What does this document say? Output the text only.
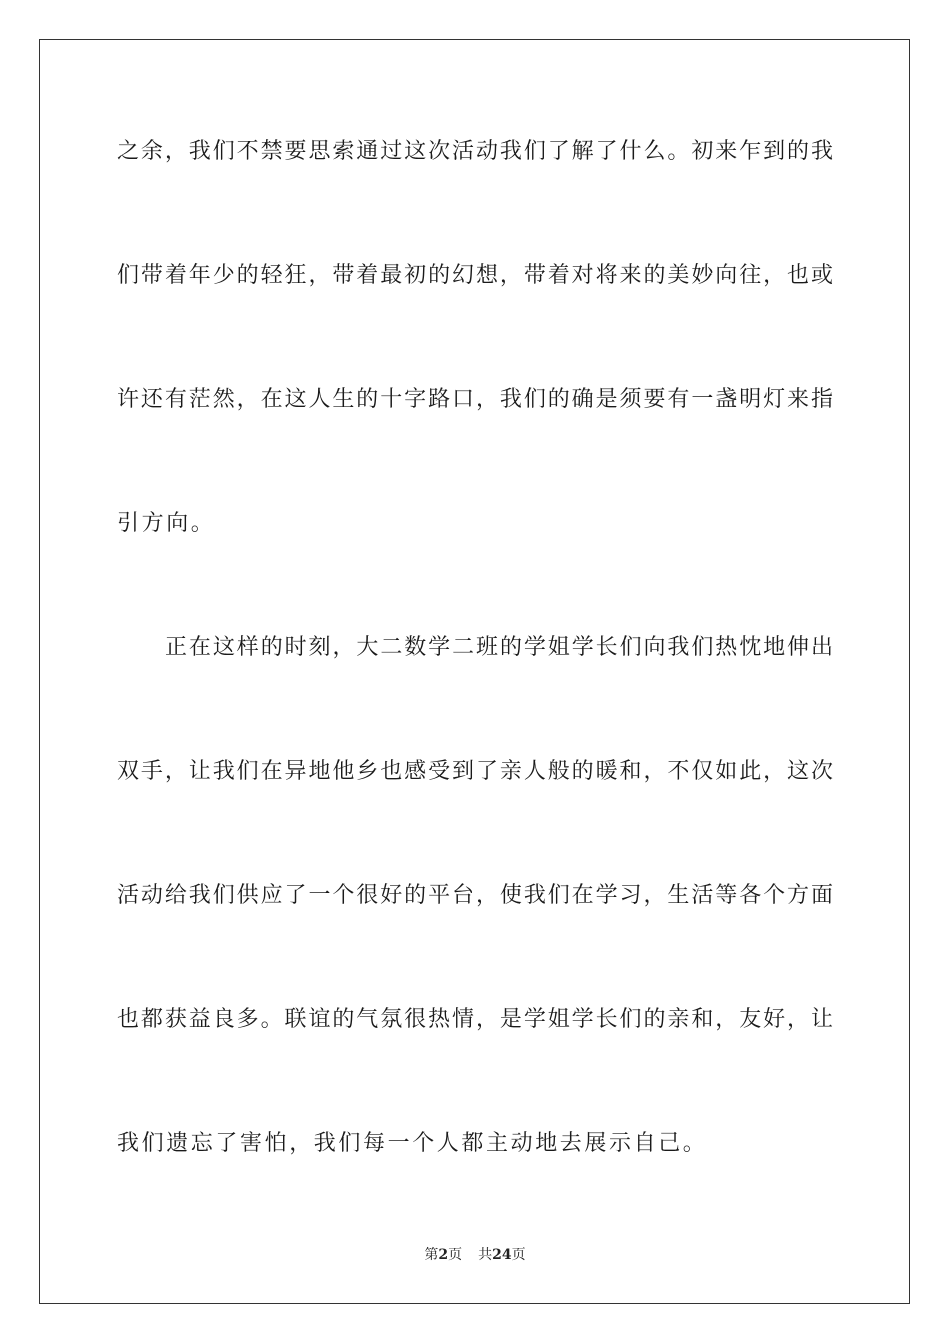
之余，我们不禁要思索通过这次活动我们了解了什么。初来乍到的我
们带着年少的轻狂，带着最初的幻想，带着对将来的美妙向往，也或
许还有茫然，在这人生的十字路口，我们的确是须要有一盏明灯来指
引方向。
正在这样的时刻，大二数学二班的学姐学长们向我们热忱地伸出
双手，让我们在异地他乡也感受到了亲人般的暖和，不仅如此，这次
活动给我们供应了一个很好的平台，使我们在学习，生活等各个方面
也都获益良多。联谊的气氛很热情，是学姐学长们的亲和，友好，让
我们遗忘了害怕，我们每一个人都主动地去展示自己。
第2页 共24页
